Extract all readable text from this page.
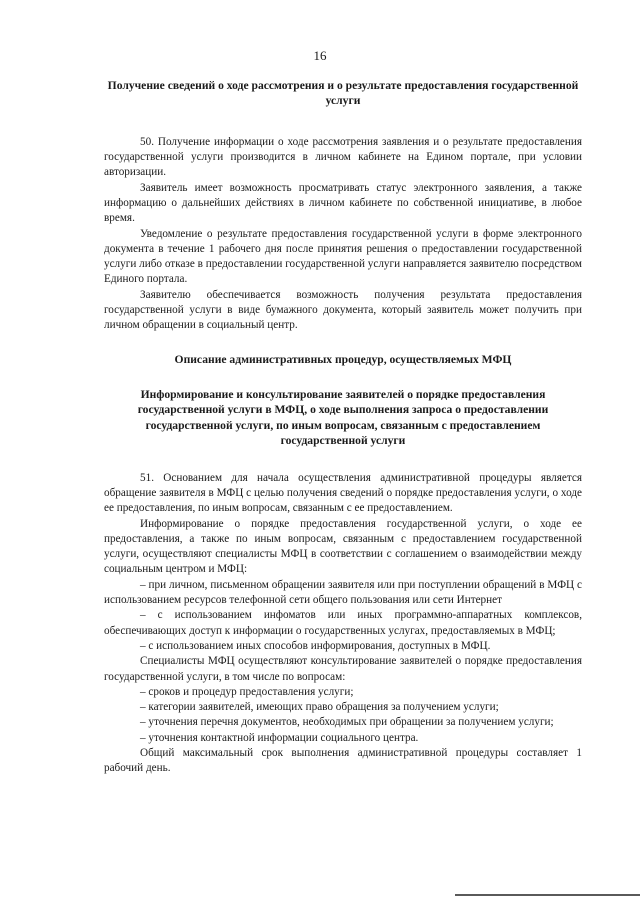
16

Получение сведений о ходе рассмотрения и о результате предоставления государственной услуги

50. Получение информации о ходе рассмотрения заявления и о результате предоставления государственной услуги производится в личном кабинете на Едином портале, при условии авторизации.

Заявитель имеет возможность просматривать статус электронного заявления, а также информацию о дальнейших действиях в личном кабинете по собственной инициативе, в любое время.

Уведомление о результате предоставления государственной услуги в форме электронного документа в течение 1 рабочего дня после принятия решения о предоставлении государственной услуги либо отказе в предоставлении государственной услуги направляется заявителю посредством Единого портала.

Заявителю обеспечивается возможность получения результата предоставления государственной услуги в виде бумажного документа, который заявитель может получить при личном обращении в социальный центр.

Описание административных процедур, осуществляемых МФЦ

Информирование и консультирование заявителей о порядке предоставления государственной услуги в МФЦ, о ходе выполнения запроса о предоставлении государственной услуги, по иным вопросам, связанным с предоставлением государственной услуги

51. Основанием для начала осуществления административной процедуры является обращение заявителя в МФЦ с целью получения сведений о порядке предоставления услуги, о ходе ее предоставления, по иным вопросам, связанным с ее предоставлением.

Информирование о порядке предоставления государственной услуги, о ходе ее предоставления, а также по иным вопросам, связанным с предоставлением государственной услуги, осуществляют специалисты МФЦ в соответствии с соглашением о взаимодействии между социальным центром и МФЦ:

– при личном, письменном обращении заявителя или при поступлении обращений в МФЦ с использованием ресурсов телефонной сети общего пользования или сети Интернет

– с использованием инфоматов или иных программно-аппаратных комплексов, обеспечивающих доступ к информации о государственных услугах, предоставляемых в МФЦ;

– с использованием иных способов информирования, доступных в МФЦ.

Специалисты МФЦ осуществляют консультирование заявителей о порядке предоставления государственной услуги, в том числе по вопросам:

– сроков и процедур предоставления услуги;

– категории заявителей, имеющих право обращения за получением услуги;

– уточнения перечня документов, необходимых при обращении за получением услуги;

– уточнения контактной информации социального центра.

Общий максимальный срок выполнения административной процедуры составляет 1 рабочий день.
